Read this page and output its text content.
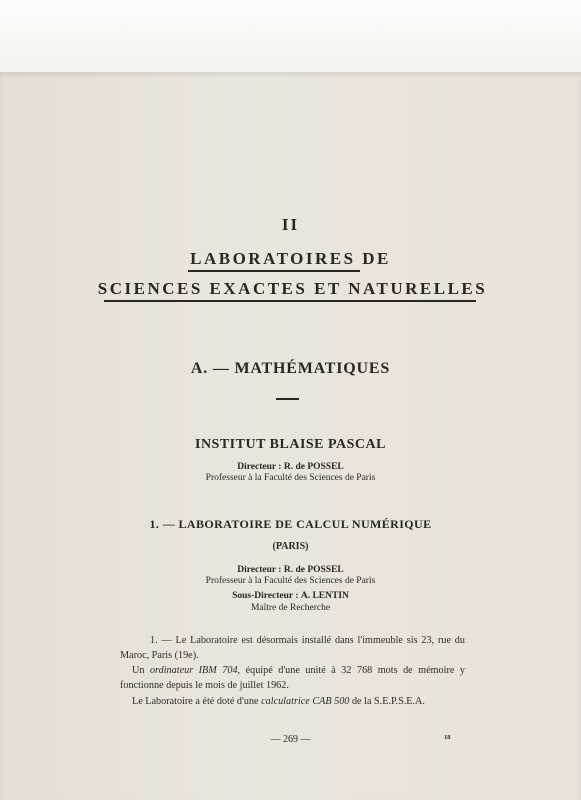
II
LABORATOIRES DE
SCIENCES EXACTES ET NATURELLES
A. — MATHÉMATIQUES
INSTITUT BLAISE PASCAL
Directeur : R. de POSSEL
Professeur à la Faculté des Sciences de Paris
1. — LABORATOIRE DE CALCUL NUMÉRIQUE
(PARIS)
Directeur : R. de POSSEL
Professeur à la Faculté des Sciences de Paris
Sous-Directeur : A. LENTIN
Maître de Recherche
1. — Le Laboratoire est désormais installé dans l'immeuble sis 23, rue du Maroc, Paris (19e).
Un ordinateur IBM 704, équipé d'une unité à 32 768 mots de mémoire y fonctionne depuis le mois de juillet 1962.
Le Laboratoire a été doté d'une calculatrice CAB 500 de la S.E.P.S.E.A.
— 269 —	18
